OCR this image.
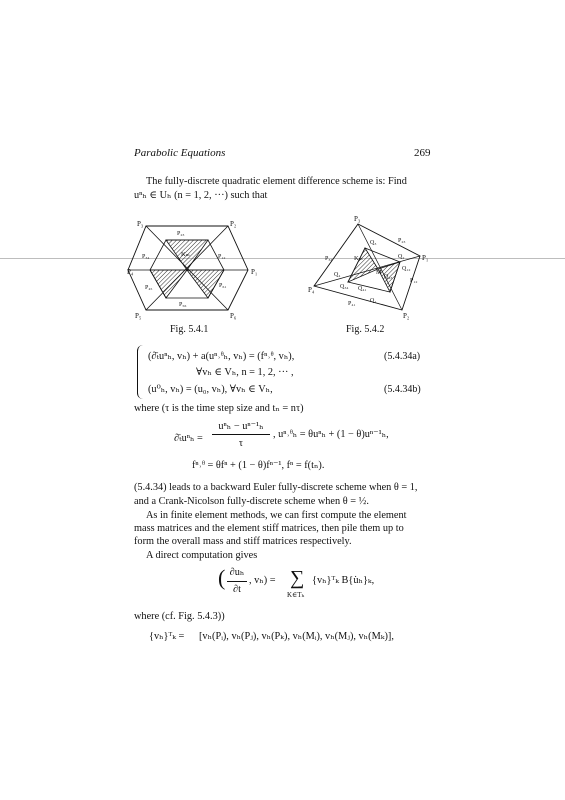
Parabolic Equations	269
The fully-discrete quadratic element difference scheme is: Find
uⁿₕ ∈ Uₕ (n = 1, 2, ···) such that
P₃	P₂
P₄	P₁
P₅	P₆
P₂₃
P₃₄	P₁₂
P₄₅	P₆₁
P₅₆
Kₘ
P₃
P₁
P₂
P₄
P₂₃
P₃₄
P₁₂
P₄₁
Q₃
Q₂
Q₁
Q₄
Q₁₂
Q₃₄
Q₂₃
Q₄₁
M
Kₘ
Fig. 5.4.1	Fig. 5.4.2
(∂̄ₜuⁿₕ, vₕ) + a(uⁿ˒ᶿₕ, vₕ) = (fⁿ˒ᶿ, vₕ),	(5.4.34a)
∀vₕ ∈ Vₕ, n = 1, 2, ··· ,
(u⁰ₕ, vₕ) = (u₀, vₕ), ∀vₕ ∈ Vₕ,	(5.4.34b)
where (τ is the time step size and tₙ = nτ)
∂̄ₜuⁿₕ =
uⁿₕ − uⁿ⁻¹ₕ
τ
, uⁿ˒ᶿₕ = θuⁿₕ + (1 − θ)uⁿ⁻¹ₕ,
fⁿ˒ᶿ = θfⁿ + (1 − θ)fⁿ⁻¹, fⁿ = f(tₙ).
(5.4.34) leads to a backward Euler fully-discrete scheme when θ = 1,
and a Crank-Nicolson fully-discrete scheme when θ = ½.
As in finite element methods, we can first compute the element
mass matrices and the element stiff matrices, then pile them up to
form the overall mass and stiff matrices respectively.
A direct computation gives
( ∂uₕ
∂t
, vₕ) = ∑
K∈Tₕ
{vₕ}ᵀₖ B{u̇ₕ}ₖ,
where (cf. Fig. 5.4.3))
{vₕ}ᵀₖ = [vₕ(Pᵢ), vₕ(Pⱼ), vₕ(Pₖ), vₕ(Mᵢ), vₕ(Mⱼ), vₕ(Mₖ)],
